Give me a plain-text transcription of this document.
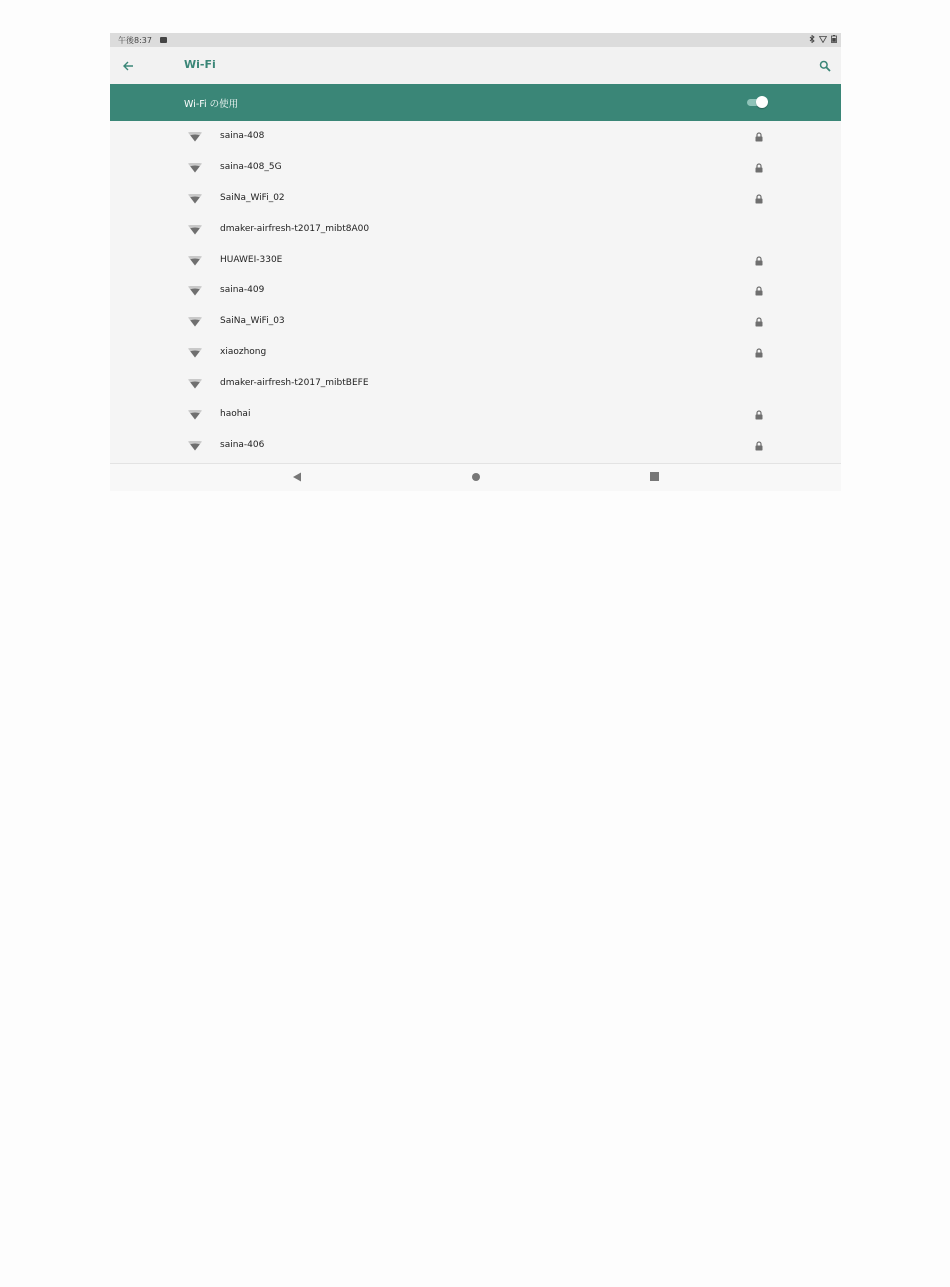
午後8:37
Wi-Fi
Wi-Fi の使用
saina-408
saina-408_5G
SaiNa_WiFi_02
dmaker-airfresh-t2017_mibt8A00
HUAWEI-330E
saina-409
SaiNa_WiFi_03
xiaozhong
dmaker-airfresh-t2017_mibtBEFE
haohai
saina-406
